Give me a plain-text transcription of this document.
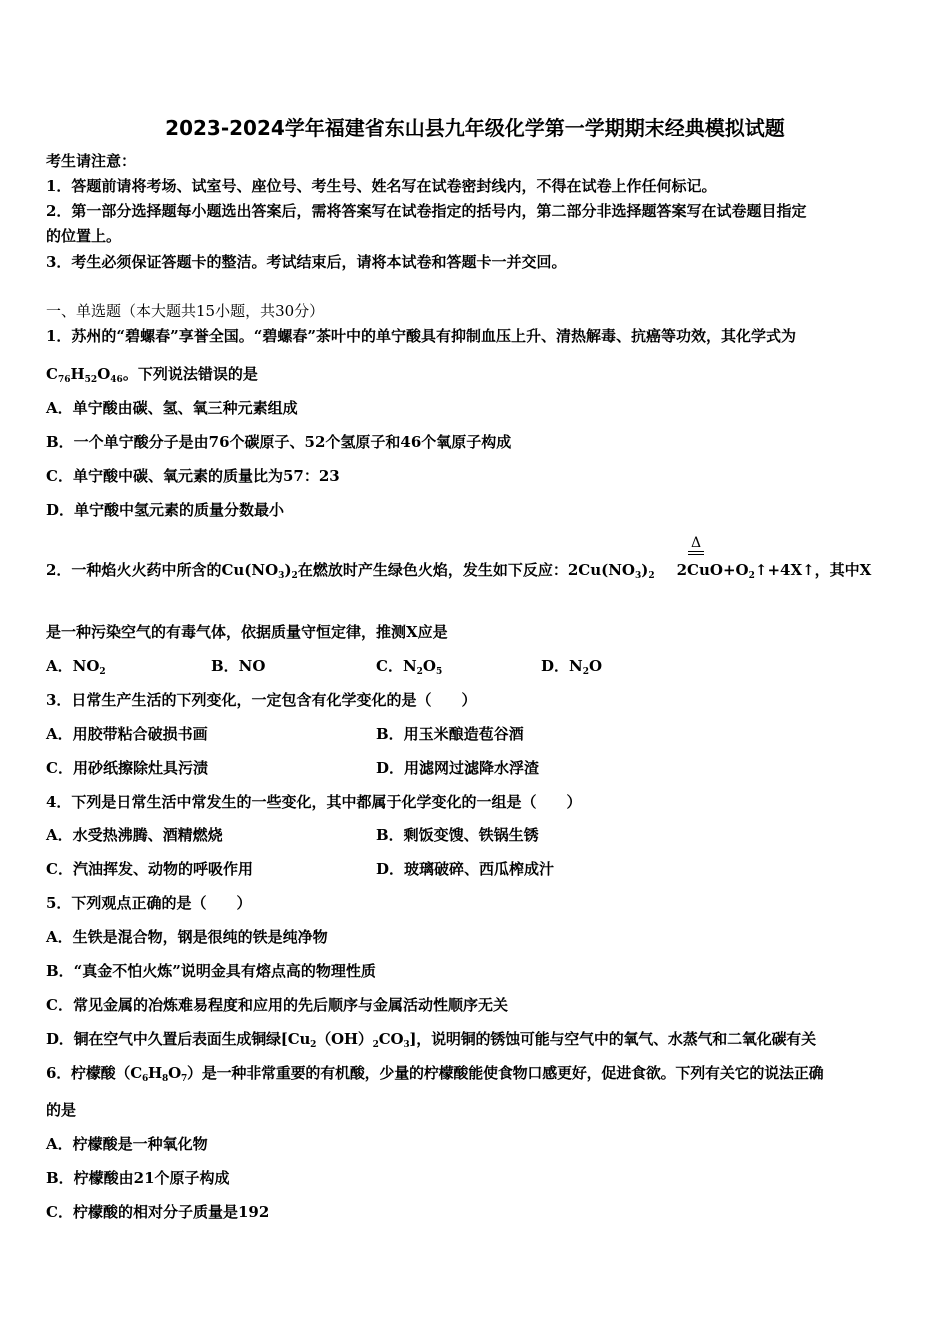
2023-2024学年福建省东山县九年级化学第一学期期末经典模拟试题
考生请注意：
1．答题前请将考场、试室号、座位号、考生号、姓名写在试卷密封线内，不得在试卷上作任何标记。
2．第一部分选择题每小题选出答案后，需将答案写在试卷指定的括号内，第二部分非选择题答案写在试卷题目指定
的位置上。
3．考生必须保证答题卡的整洁。考试结束后，请将本试卷和答题卡一并交回。
一、单选题（本大题共15小题，共30分）
1．苏州的“碧螺春”享誉全国。“碧螺春”茶叶中的单宁酸具有抑制血压上升、清热解毒、抗癌等功效，其化学式为
$C_{76}H_{52}O_{46}$。下列说法错误的是
A．单宁酸由碳、氢、氧三种元素组成
B．一个单宁酸分子是由76个碳原子、52个氢原子和46个氧原子构成
C．单宁酸中碳、氧元素的质量比为57：23
D．单宁酸中氢元素的质量分数最小
Δ
2．一种焰火火药中所含的$Cu(NO_3)_2$在燃放时产生绿色火焰，发生如下反应：$2Cu(NO_3)_2$ $2CuO+O_2↑+4X↑$，其中X
是一种污染空气的有毒气体，依据质量守恒定律，推测X应是
A．$NO_2$	B．NO	C．$N_2O_5$	D．$N_2O$
3．日常生产生活的下列变化，一定包含有化学变化的是（　　）
A．用胶带粘合破损书画	B．用玉米酿造苞谷酒
C．用砂纸擦除灶具污渍	D．用滤网过滤降水浮渣
4．下列是日常生活中常发生的一些变化，其中都属于化学变化的一组是（　　）
A．水受热沸腾、酒精燃烧	B．剩饭变馊、铁锅生锈
C．汽油挥发、动物的呼吸作用	D．玻璃破碎、西瓜榨成汁
5．下列观点正确的是（　　）
A．生铁是混合物，钢是很纯的铁是纯净物
B．“真金不怕火炼”说明金具有熔点高的物理性质
C．常见金属的冶炼难易程度和应用的先后顺序与金属活动性顺序无关
D．铜在空气中久置后表面生成铜绿$[Cu_2(OH)_2CO_3]$，说明铜的锈蚀可能与空气中的氧气、水蒸气和二氧化碳有关
6．柠檬酸$(C_6H_8O_7)$是一种非常重要的有机酸，少量的柠檬酸能使食物口感更好，促进食欲。下列有关它的说法正确
的是
A．柠檬酸是一种氧化物
B．柠檬酸由21个原子构成
C．柠檬酸的相对分子质量是192
